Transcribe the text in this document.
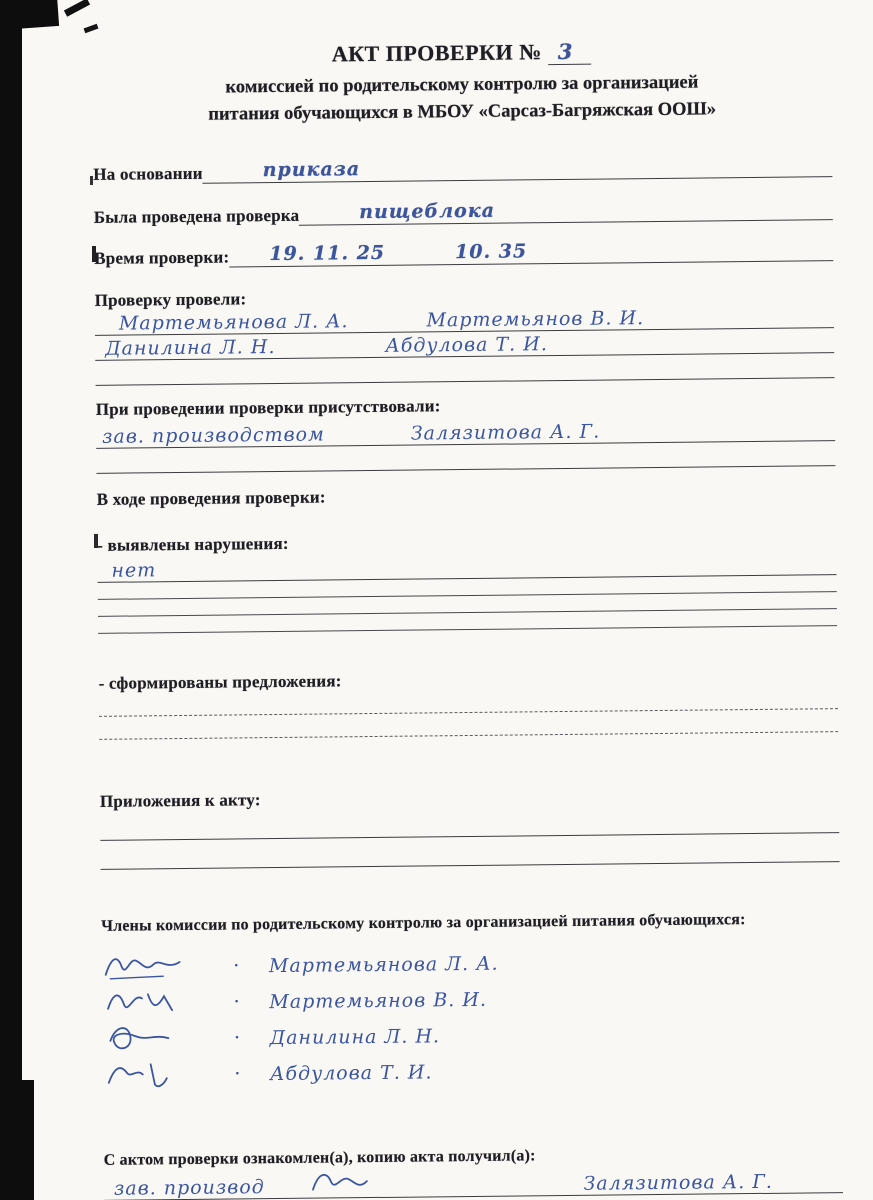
АКТ ПРОВЕРКИ № 3
комиссией по родительскому контролю за организацией
питания обучающихся в МБОУ «Сарсаз-Багряжская ООШ»
На основании	приказа
Была проведена проверка	пищеблока
Время проверки: 19. 11. 25	10. 35
Проверку провели:
Мартемьянова Л. А.	Мартемьянов В. И.
Данилина Л. Н.	Абдулова Т. И.
При проведении проверки присутствовали:
зав. производством	Залязитова А. Г.
В ходе проведения проверки:
- выявлены нарушения:
нет
- сформированы предложения:
Приложения к акту:
Члены комиссии по родительскому контролю за организацией питания обучающихся:
· Мартемьянова Л. А.
· Мартемьянов В. И.
· Данилина Л. Н.
· Абдулова Т. И.
С актом проверки ознакомлен(а), копию акта получил(а):
зав. производ	Залязитова А. Г.
